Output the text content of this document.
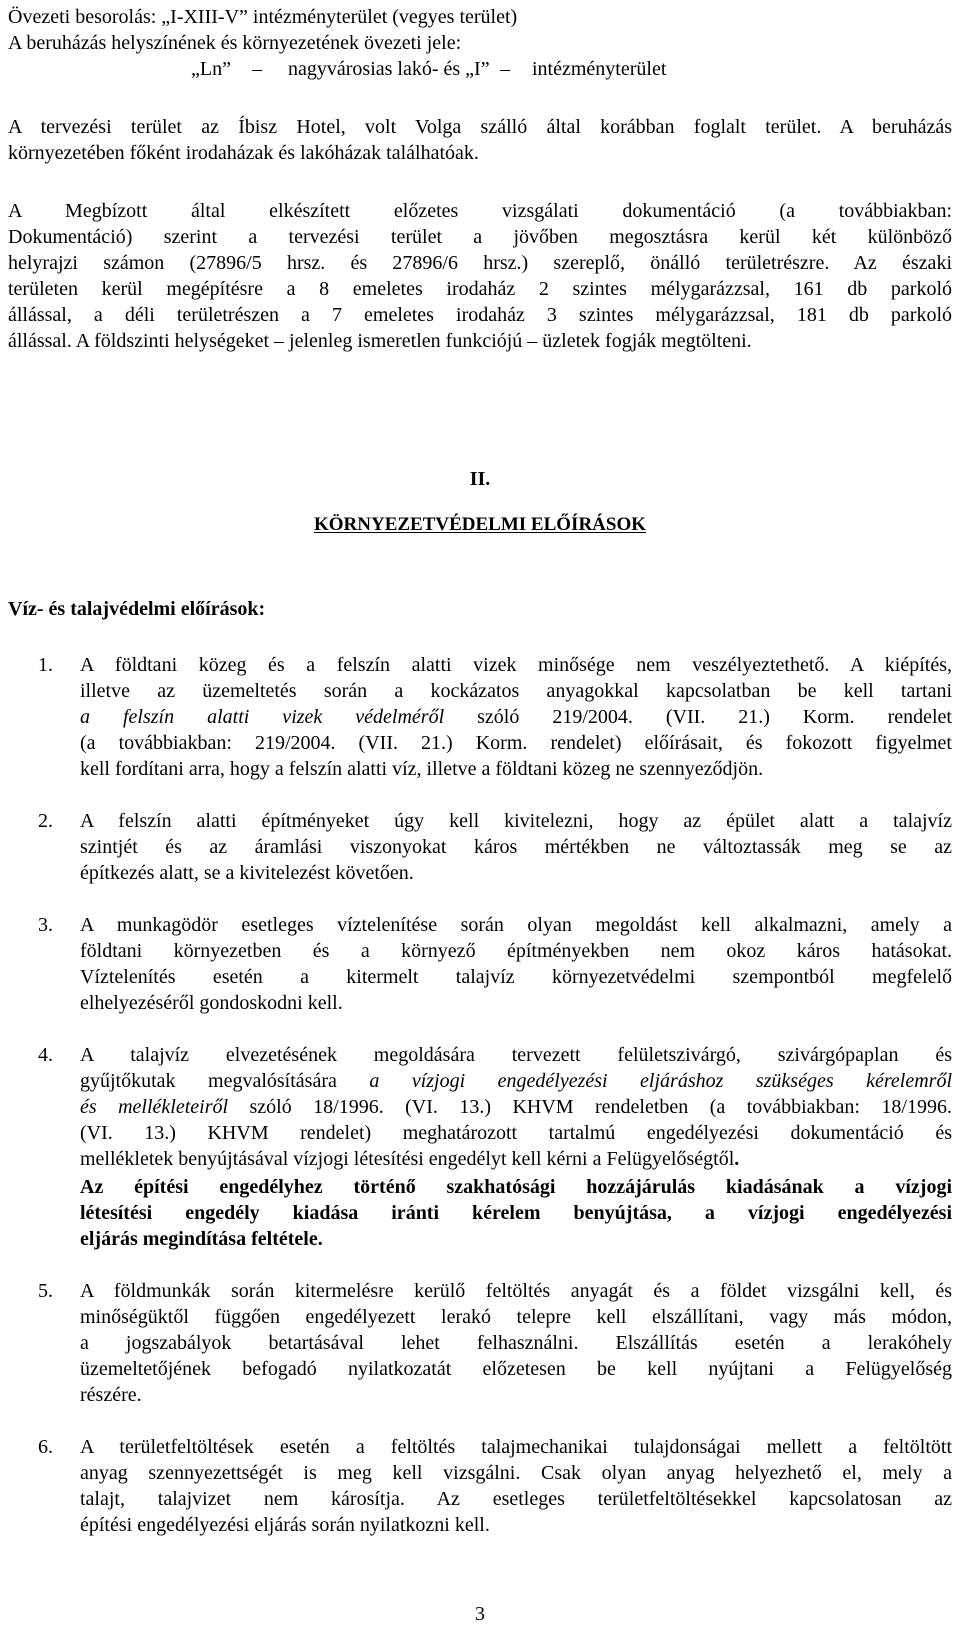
Övezeti besorolás: „I-XIII-V” intézményterület (vegyes terület)
A beruházás helyszínének és környezetének övezeti jele:
„Ln” – nagyvárosias lakó- és „I” – intézményterület
A tervezési terület az Íbisz Hotel, volt Volga szálló által korábban foglalt terület. A beruházás
környezetében főként irodaházak és lakóházak találhatóak.
A Megbízott által elkészített előzetes vizsgálati dokumentáció (a továbbiakban:
Dokumentáció) szerint a tervezési terület a jövőben megosztásra kerül két különböző
helyrajzi számon (27896/5 hrsz. és 27896/6 hrsz.) szereplő, önálló területrészre. Az északi
területen kerül megépítésre a 8 emeletes irodaház 2 szintes mélygarázzsal, 161 db parkoló
állással, a déli területrészen a 7 emeletes irodaház 3 szintes mélygarázzsal, 181 db parkoló
állással. A földszinti helységeket – jelenleg ismeretlen funkciójú – üzletek fogják megtölteni.
II.
KÖRNYEZETVÉDELMI ELŐÍRÁSOK
Víz- és talajvédelmi előírások:
1. A földtani közeg és a felszín alatti vizek minősége nem veszélyeztethető. A kiépítés,
illetve az üzemeltetés során a kockázatos anyagokkal kapcsolatban be kell tartani
a felszín alatti vizek védelméről szóló 219/2004. (VII. 21.) Korm. rendelet
(a továbbiakban: 219/2004. (VII. 21.) Korm. rendelet) előírásait, és fokozott figyelmet
kell fordítani arra, hogy a felszín alatti víz, illetve a földtani közeg ne szennyeződjön.
2. A felszín alatti építményeket úgy kell kivitelezni, hogy az épület alatt a talajvíz
szintjét és az áramlási viszonyokat káros mértékben ne változtassák meg se az
építkezés alatt, se a kivitelezést követően.
3. A munkagödör esetleges víztelenítése során olyan megoldást kell alkalmazni, amely a
földtani környezetben és a környező építményekben nem okoz káros hatásokat.
Víztelenítés esetén a kitermelt talajvíz környezetvédelmi szempontból megfelelő
elhelyezéséről gondoskodni kell.
4. A talajvíz elvezetésének megoldására tervezett felületszivárgó, szivárgópaplan és
gyűjtőkutak megvalósítására a vízjogi engedélyezési eljáráshoz szükséges kérelemről
és mellékleteiről szóló 18/1996. (VI. 13.) KHVM rendeletben (a továbbiakban: 18/1996.
(VI. 13.) KHVM rendelet) meghatározott tartalmú engedélyezési dokumentáció és
mellékletek benyújtásával vízjogi létesítési engedélyt kell kérni a Felügyelőségtől.
Az építési engedélyhez történő szakhatósági hozzájárulás kiadásának a vízjogi
létesítési engedély kiadása iránti kérelem benyújtása, a vízjogi engedélyezési
eljárás megindítása feltétele.
5. A földmunkák során kitermelésre kerülő feltöltés anyagát és a földet vizsgálni kell, és
minőségüktől függően engedélyezett lerakó telepre kell elszállítani, vagy más módon,
a jogszabályok betartásával lehet felhasználni. Elszállítás esetén a lerakóhely
üzemeltetőjének befogadó nyilatkozatát előzetesen be kell nyújtani a Felügyelőség
részére.
6. A területfeltöltések esetén a feltöltés talajmechanikai tulajdonságai mellett a feltöltött
anyag szennyezettségét is meg kell vizsgálni. Csak olyan anyag helyezhető el, mely a
talajt, talajvizet nem károsítja. Az esetleges területfeltöltésekkel kapcsolatosan az
építési engedélyezési eljárás során nyilatkozni kell.
3
